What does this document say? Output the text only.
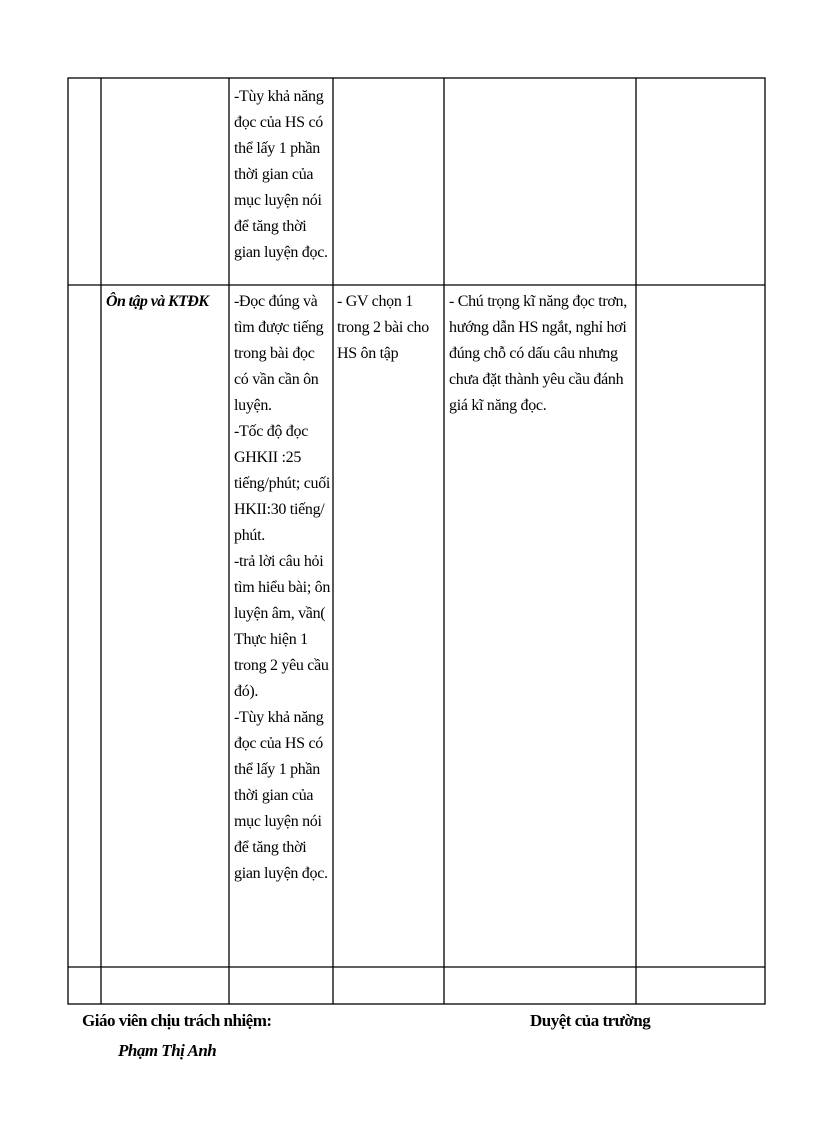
-Tùy khả năng
đọc của HS có
thể lấy 1 phần
thời gian của
mục luyện nói
để tăng thời
gian luyện đọc.
Ôn tập và KTĐK	-Đọc đúng và
tìm được tiếng
trong bài đọc
có vần cần ôn
luyện.
-Tốc độ đọc
GHKII :25
tiếng/phút; cuối
HKII:30 tiếng/
phút.
-trả lời câu hỏi
tìm hiểu bài; ôn
luyện âm, vần(
Thực hiện 1
trong 2 yêu cầu
đó).
-Tùy khả năng
đọc của HS có
thể lấy 1 phần
thời gian của
mục luyện nói
để tăng thời
gian luyện đọc.
- GV chọn 1
trong 2 bài cho
HS ôn tập
- Chú trọng kĩ năng đọc trơn,
hướng dẫn HS ngắt, nghỉ hơi
đúng chỗ có dấu câu nhưng
chưa đặt thành yêu cầu đánh
giá kĩ năng đọc.
Giáo viên chịu trách nhiệm:
Phạm Thị Anh
Duyệt của trường
